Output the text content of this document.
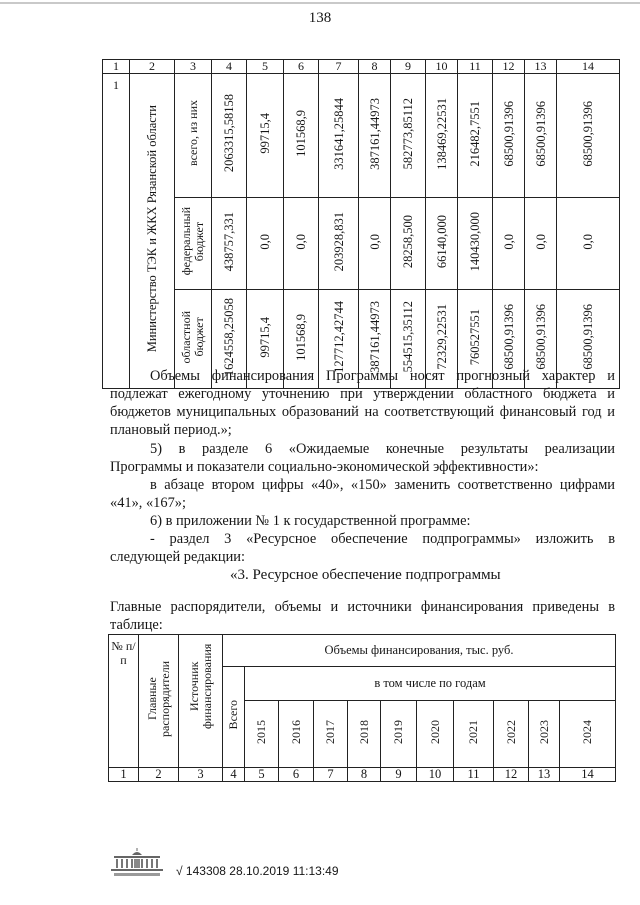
138
1	2	3	4	5	6	7	8	9	10	11	12	13	14
1	Министерство ТЭК и ЖКХ Рязанской области	всего, из них	2063315,58158	99715,4	101568,9	331641,25844	387161,44973	582773,85112	138469,22531	216482,7551	68500,91396	68500,91396	68500,91396
		федеральный
бюджет	438757,331	0,0	0,0	203928,831	0,0	28258,500	66140,000	140430,000	0,0	0,0	0,0
		областной
бюджет	1624558,25058	99715,4	101568,9	127712,42744	387161,44973	554515,35112	72329,22531	760527551	68500,91396	68500,91396	68500,91396
Объемы финансирования Программы носят прогнозный характер и подлежат ежегодному уточнению при утверждении областного бюджета и бюджетов муниципальных образований на соответствующий финансовый год и плановый период.»;
5) в разделе 6 «Ожидаемые конечные результаты реализации
Программы и показатели социально-экономической эффективности»:
в абзаце втором цифры «40», «150» заменить соответственно цифрами «41», «167»;
6) в приложении № 1 к государственной программе:
- раздел 3 «Ресурсное обеспечение подпрограммы» изложить в
следующей редакции:
«3. Ресурсное обеспечение подпрограммы
Главные распорядители, объемы и источники финансирования приведены в
таблице:
№ п/п	Главные распорядители	Источник финансирования	Объемы финансирования, тыс. руб.										
			Всего	в том числе по годам									
				2015	2016	2017	2018	2019	2020	2021	2022	2023	2024
1	2	3	4	5	6	7	8	9	10	11	12	13	14
√ 143308 28.10.2019 11:13:49
